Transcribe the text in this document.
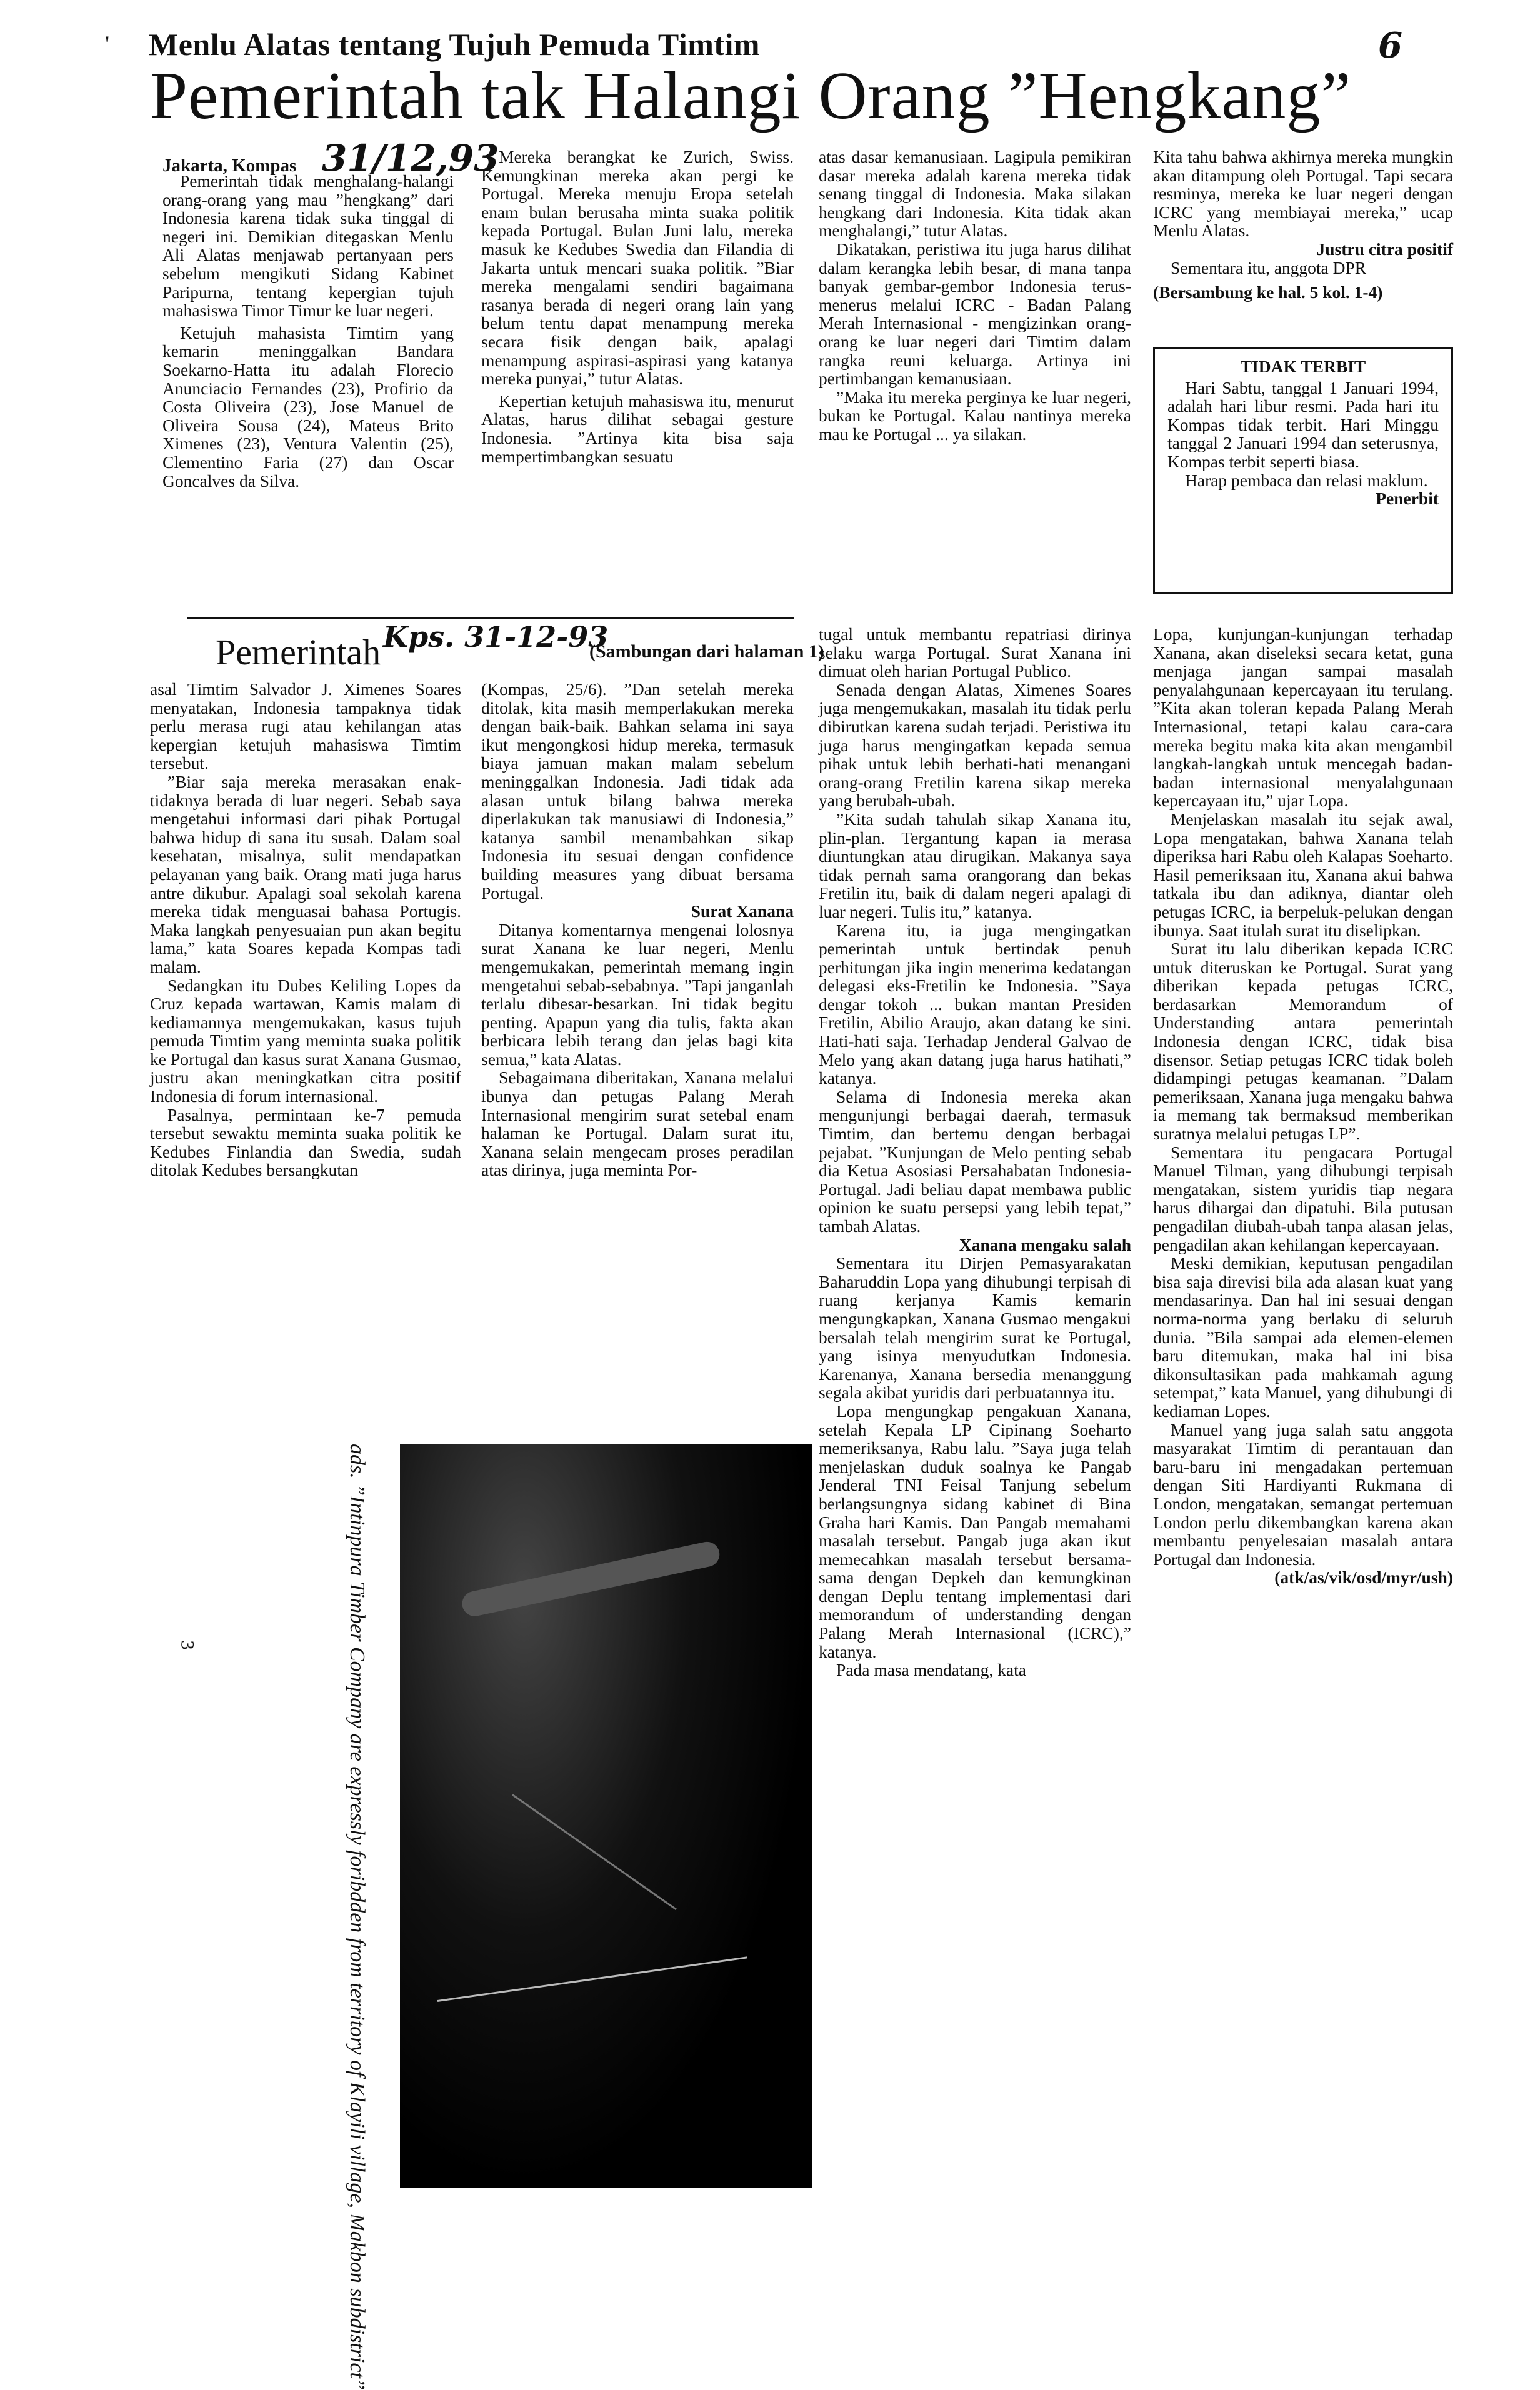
' Menlu Alatas tentang Tujuh Pemuda Timtim	6
Pemerintah tak Halangi Orang ”Hengkang”
Jakarta, Kompas 31/12,93

Pemerintah tidak menghalang-halangi orang-orang yang mau ”hengkang” dari Indonesia karena tidak suka tinggal di negeri ini. Demikian ditegaskan Menlu Ali Alatas menjawab pertanyaan pers sebelum mengikuti Sidang Kabinet Paripurna, tentang kepergian tujuh mahasiswa Timor Timur ke luar negeri.

Ketujuh mahasista Timtim yang kemarin meninggalkan Bandara Soekarno-Hatta itu adalah Florecio Anunciacio Fernandes (23), Profirio da Costa Oliveira (23), Jose Manuel de Oliveira Sousa (24), Mateus Brito Ximenes (23), Ventura Valentin (25), Clementino Faria (27) dan Oscar Goncalves da Silva.

Mereka berangkat ke Zurich, Swiss. Kemungkinan mereka akan pergi ke Portugal. Mereka menuju Eropa setelah enam bulan berusaha minta suaka politik kepada Portugal. Bulan Juni lalu, mereka masuk ke Kedubes Swedia dan Filandia di Jakarta untuk mencari suaka politik. ”Biar mereka mengalami sendiri bagaimana rasanya berada di negeri orang lain yang belum tentu dapat menampung mereka secara fisik dengan baik, apalagi menampung aspirasi-aspirasi yang katanya mereka punyai,” tutur Alatas.

Kepertian ketujuh mahasiswa itu, menurut Alatas, harus dilihat sebagai gesture Indonesia. ”Artinya kita bisa saja mempertimbangkan sesuatu

atas dasar kemanusiaan. Lagipula pemikiran dasar mereka adalah karena mereka tidak senang tinggal di Indonesia. Maka silakan hengkang dari Indonesia. Kita tidak akan menghalangi,” tutur Alatas.

Dikatakan, peristiwa itu juga harus dilihat dalam kerangka lebih besar, di mana tanpa banyak gembar-gembor Indonesia terus-menerus melalui ICRC - Badan Palang Merah Internasional - mengizinkan orang-orang ke luar negeri dari Timtim dalam rangka reuni keluarga. Artinya ini pertimbangan kemanusiaan.

”Maka itu mereka perginya ke luar negeri, bukan ke Portugal. Kalau nantinya mereka mau ke Portugal ... ya silakan.

Kita tahu bahwa akhirnya mereka mungkin akan ditampung oleh Portugal. Tapi secara resminya, mereka ke luar negeri dengan ICRC yang membiayai mereka,” ucap Menlu Alatas.

Justru citra positif

Sementara itu, anggota DPR

(Bersambung ke hal. 5 kol. 1-4)

TIDAK TERBIT

Hari Sabtu, tanggal 1 Januari 1994, adalah hari libur resmi. Pada hari itu Kompas tidak terbit. Hari Minggu tanggal 2 Januari 1994 dan seterusnya, Kompas terbit seperti biasa.

Harap pembaca dan relasi maklum.

Penerbit
Pemerintah Kps. 31-12-93
(Sambungan dari halaman 1)

asal Timtim Salvador J. Ximenes Soares menyatakan, Indonesia tampaknya tidak perlu merasa rugi atau kehilangan atas kepergian ketujuh mahasiswa Timtim tersebut.

”Biar saja mereka merasakan enak-tidaknya berada di luar negeri. Sebab saya mengetahui informasi dari pihak Portugal bahwa hidup di sana itu susah. Dalam soal kesehatan, misalnya, sulit mendapatkan pelayanan yang baik. Orang mati juga harus antre dikubur. Apalagi soal sekolah karena mereka tidak menguasai bahasa Portugis. Maka langkah penyesuaian pun akan begitu lama,” kata Soares kepada Kompas tadi malam.

Sedangkan itu Dubes Keliling Lopes da Cruz kepada wartawan, Kamis malam di kediamannya mengemukakan, kasus tujuh pemuda Timtim yang meminta suaka politik ke Portugal dan kasus surat Xanana Gusmao, justru akan meningkatkan citra positif Indonesia di forum internasional.

Pasalnya, permintaan ke-7 pemuda tersebut sewaktu meminta suaka politik ke Kedubes Finlandia dan Swedia, sudah ditolak Kedubes bersangkutan

(Kompas, 25/6). ”Dan setelah mereka ditolak, kita masih memperlakukan mereka dengan baik-baik. Bahkan selama ini saya ikut mengongkosi hidup mereka, termasuk biaya jamuan makan malam sebelum meninggalkan Indonesia. Jadi tidak ada alasan untuk bilang bahwa mereka diperlakukan tak manusiawi di Indonesia,” katanya sambil menambahkan sikap Indonesia itu sesuai dengan confidence building measures yang dibuat bersama Portugal.

Surat Xanana

Ditanya komentarnya mengenai lolosnya surat Xanana ke luar negeri, Menlu mengemukakan, pemerintah memang ingin mengetahui sebab-sebabnya. ”Tapi janganlah terlalu dibesar-besarkan. Ini tidak begitu penting. Apapun yang dia tulis, fakta akan berbicara lebih terang dan jelas bagi kita semua,” kata Alatas.

Sebagaimana diberitakan, Xanana melalui ibunya dan petugas Palang Merah Internasional mengirim surat setebal enam halaman ke Portugal. Dalam surat itu, Xanana selain mengecam proses peradilan atas dirinya, juga meminta Por-

tugal untuk membantu repatriasi dirinya selaku warga Portugal. Surat Xanana ini dimuat oleh harian Portugal Publico.

Senada dengan Alatas, Ximenes Soares juga mengemukakan, masalah itu tidak perlu dibirutkan karena sudah terjadi. Peristiwa itu juga harus mengingatkan kepada semua pihak untuk lebih berhati-hati menangani orang-orang Fretilin karena sikap mereka yang berubah-ubah.

”Kita sudah tahulah sikap Xanana itu, plin-plan. Tergantung kapan ia merasa diuntungkan atau dirugikan. Makanya saya tidak pernah sama orangorang dan bekas Fretilin itu, baik di dalam negeri apalagi di luar negeri. Tulis itu,” katanya.

Karena itu, ia juga mengingatkan pemerintah untuk bertindak penuh perhitungan jika ingin menerima kedatangan delegasi eks-Fretilin ke Indonesia. ”Saya dengar tokoh ... bukan mantan Presiden Fretilin, Abilio Araujo, akan datang ke sini. Hati-hati saja. Terhadap Jenderal Galvao de Melo yang akan datang juga harus hatihati,” katanya.

Selama di Indonesia mereka akan mengunjungi berbagai daerah, termasuk Timtim, dan bertemu dengan berbagai pejabat. ”Kunjungan de Melo penting sebab dia Ketua Asosiasi Persahabatan Indonesia-Portugal. Jadi beliau dapat membawa public opinion ke suatu persepsi yang lebih tepat,” tambah Alatas.

Xanana mengaku salah

Sementara itu Dirjen Pemasyarakatan Baharuddin Lopa yang dihubungi terpisah di ruang kerjanya Kamis kemarin mengungkapkan, Xanana Gusmao mengakui bersalah telah mengirim surat ke Portugal, yang isinya menyudutkan Indonesia. Karenanya, Xanana bersedia menanggung segala akibat yuridis dari perbuatannya itu.

Lopa mengungkap pengakuan Xanana, setelah Kepala LP Cipinang Soeharto memeriksanya, Rabu lalu. ”Saya juga telah menjelaskan duduk soalnya ke Pangab Jenderal TNI Feisal Tanjung sebelum berlangsungnya sidang kabinet di Bina Graha hari Kamis. Dan Pangab memahami masalah tersebut. Pangab juga akan ikut memecahkan masalah tersebut bersama-sama dengan Depkeh dan kemungkinan dengan Deplu tentang implementasi dari memorandum of understanding dengan Palang Merah Internasional (ICRC),” katanya.

Pada masa mendatang, kata

Lopa, kunjungan-kunjungan terhadap Xanana, akan diseleksi secara ketat, guna menjaga jangan sampai masalah penyalahgunaan kepercayaan itu terulang. ”Kita akan toleran kepada Palang Merah Internasional, tetapi kalau cara-cara mereka begitu maka kita akan mengambil langkah-langkah untuk mencegah badan-badan internasional menyalahgunaan kepercayaan itu,” ujar Lopa.

Menjelaskan masalah itu sejak awal, Lopa mengatakan, bahwa Xanana telah diperiksa hari Rabu oleh Kalapas Soeharto. Hasil pemeriksaan itu, Xanana akui bahwa tatkala ibu dan adiknya, diantar oleh petugas ICRC, ia berpeluk-pelukan dengan ibunya. Saat itulah surat itu diselipkan.

Surat itu lalu diberikan kepada ICRC untuk diteruskan ke Portugal. Surat yang diberikan kepada petugas ICRC, berdasarkan Memorandum of Understanding antara pemerintah Indonesia dengan ICRC, tidak bisa disensor. Setiap petugas ICRC tidak boleh didampingi petugas keamanan. ”Dalam pemeriksaan, Xanana juga mengaku bahwa ia memang tak bermaksud memberikan suratnya melalui petugas LP”.

Sementara itu pengacara Portugal Manuel Tilman, yang dihubungi terpisah mengatakan, sistem yuridis tiap negara harus dihargai dan dipatuhi. Bila putusan pengadilan diubah-ubah tanpa alasan jelas, pengadilan akan kehilangan kepercayaan.

Meski demikian, keputusan pengadilan bisa saja direvisi bila ada alasan kuat yang mendasarinya. Dan hal ini sesuai dengan norma-norma yang berlaku di seluruh dunia. ”Bila sampai ada elemen-elemen baru ditemukan, maka hal ini bisa dikonsultasikan pada mahkamah agung setempat,” kata Manuel, yang dihubungi di kediaman Lopes.

Manuel yang juga salah satu anggota masyarakat Timtim di perantauan dan baru-baru ini mengadakan pertemuan dengan Siti Hardiyanti Rukmana di London, mengatakan, semangat pertemuan London perlu dikembangkan karena akan membantu penyelesaian masalah antara Portugal dan Indonesia.

(atk/as/vik/osd/myr/ush)

ads. ”Intinpura Timber Company are expressly foribdden from territory of Klayili village, Makbon subdistrict”
3
